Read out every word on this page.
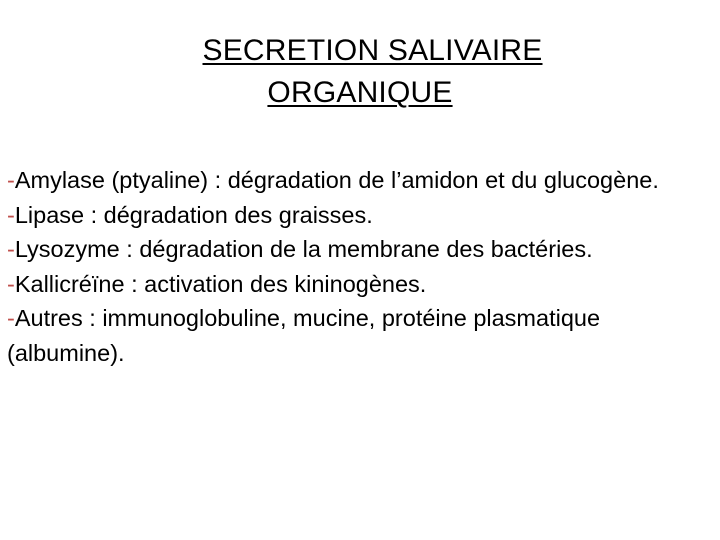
SECRETION SALIVAIRE
ORGANIQUE
-Amylase (ptyaline) : dégradation de l’amidon et du glucogène.
-Lipase : dégradation des graisses.
-Lysozyme : dégradation de la membrane des bactéries.
-Kallicréïne : activation des kininogènes.
-Autres : immunoglobuline, mucine, protéine plasmatique (albumine).
